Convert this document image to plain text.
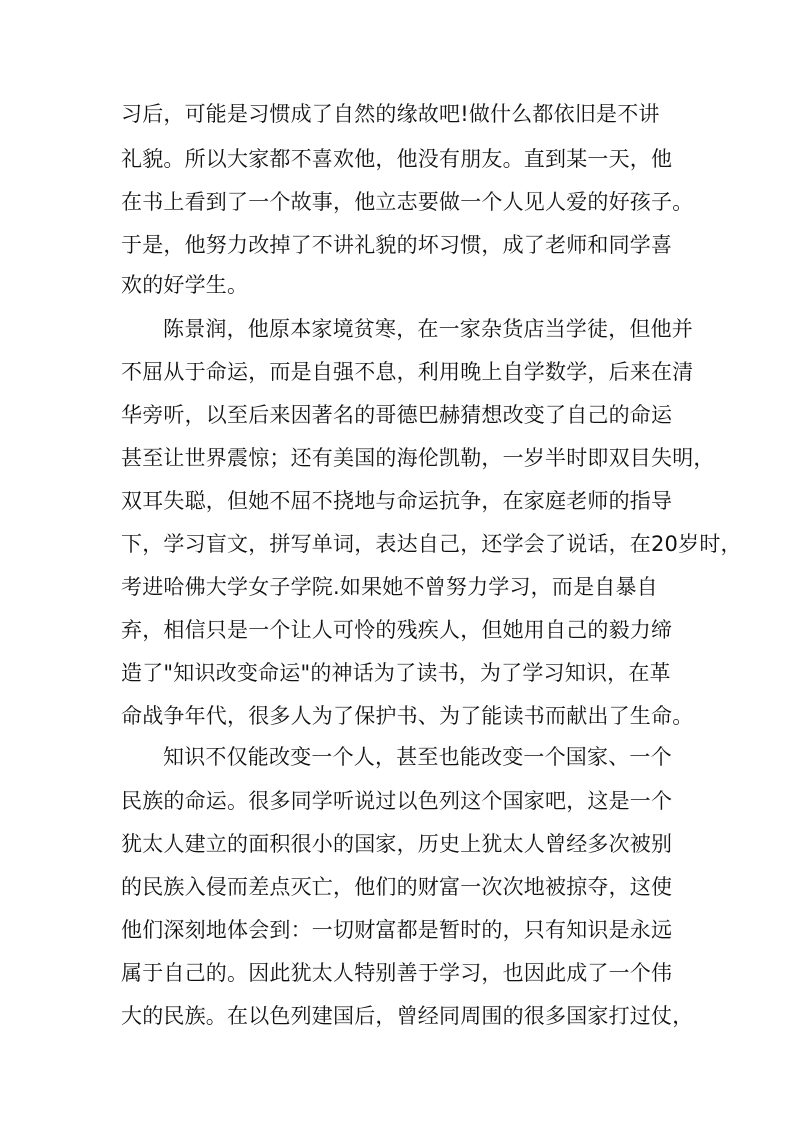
习后，可能是习惯成了自然的缘故吧!做什么都依旧是不讲
礼貌。所以大家都不喜欢他，他没有朋友。直到某一天，他
在书上看到了一个故事，他立志要做一个人见人爱的好孩子。
于是，他努力改掉了不讲礼貌的坏习惯，成了老师和同学喜
欢的好学生。
陈景润，他原本家境贫寒，在一家杂货店当学徒，但他并
不屈从于命运，而是自强不息，利用晚上自学数学，后来在清
华旁听，以至后来因著名的哥德巴赫猜想改变了自己的命运
甚至让世界震惊；还有美国的海伦凯勒，一岁半时即双目失明，
双耳失聪，但她不屈不挠地与命运抗争，在家庭老师的指导
下，学习盲文，拼写单词，表达自己，还学会了说话，在20岁时，
考进哈佛大学女子学院.如果她不曾努力学习，而是自暴自
弃，相信只是一个让人可怜的残疾人，但她用自己的毅力缔
造了"知识改变命运"的神话为了读书，为了学习知识，在革
命战争年代，很多人为了保护书、为了能读书而献出了生命。
知识不仅能改变一个人，甚至也能改变一个国家、一个
民族的命运。很多同学听说过以色列这个国家吧，这是一个
犹太人建立的面积很小的国家，历史上犹太人曾经多次被别
的民族入侵而差点灭亡，他们的财富一次次地被掠夺，这使
他们深刻地体会到：一切财富都是暂时的，只有知识是永远
属于自己的。因此犹太人特别善于学习，也因此成了一个伟
大的民族。在以色列建国后，曾经同周围的很多国家打过仗，
